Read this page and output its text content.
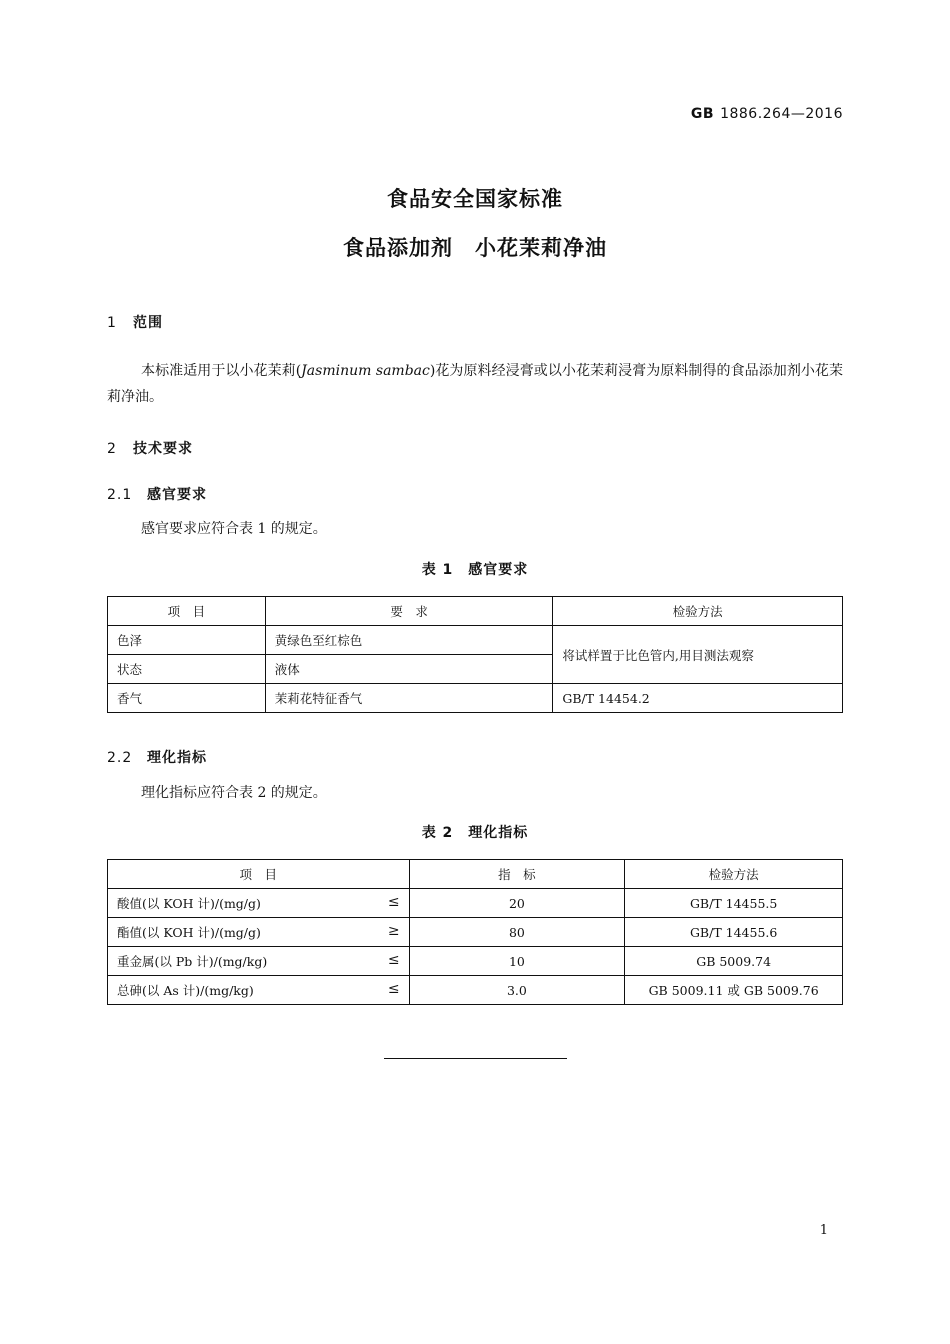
GB 1886.264—2016
食品安全国家标准
食品添加剂　小花茉莉净油
1 范围
本标准适用于以小花茉莉(Jasminum sambac)花为原料经浸膏或以小花茉莉浸膏为原料制得的食品添加剂小花茉莉净油。
2 技术要求
2.1 感官要求
感官要求应符合表 1 的规定。
表 1　感官要求
项　目	要　求	检验方法
色泽	黄绿色至红棕色	将试样置于比色管内,用目测法观察
状态	液体	
香气	茉莉花特征香气	GB/T 14454.2
2.2 理化指标
理化指标应符合表 2 的规定。
表 2　理化指标
项　目	指　标	检验方法
酸值(以 KOH 计)/(mg/g) ≤	20	GB/T 14455.5
酯值(以 KOH 计)/(mg/g) ≥	80	GB/T 14455.6
重金属(以 Pb 计)/(mg/kg) ≤	10	GB 5009.74
总砷(以 As 计)/(mg/kg) ≤	3.0	GB 5009.11 或 GB 5009.76
1
